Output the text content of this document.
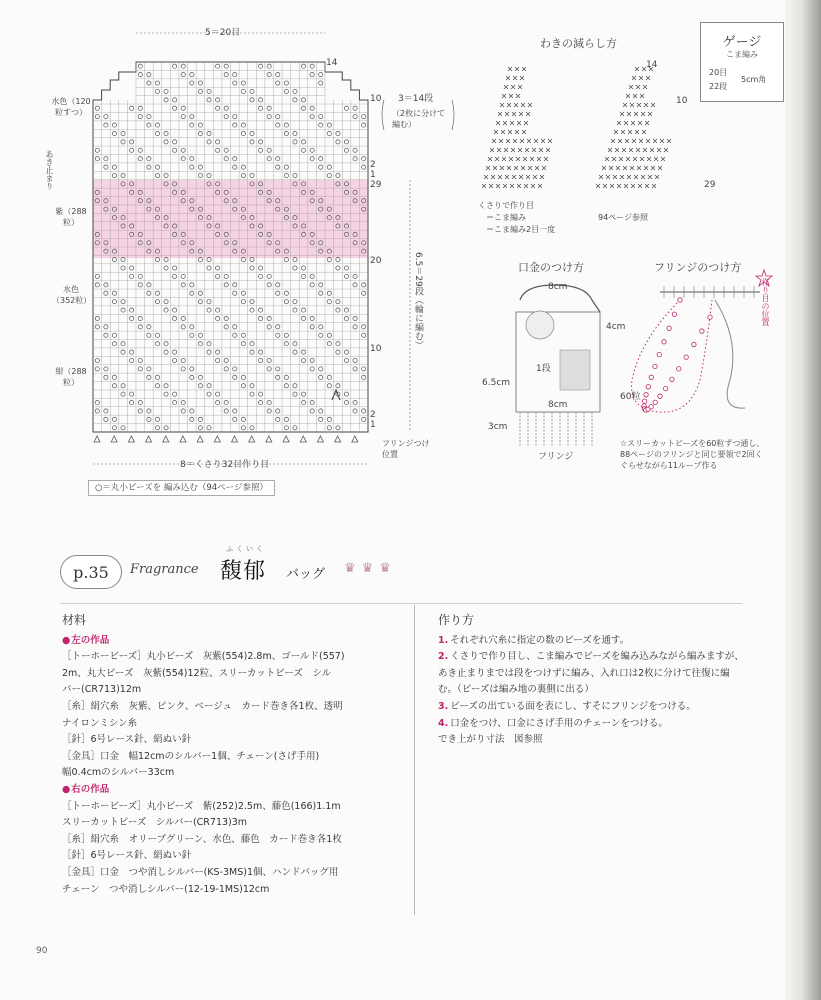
5＝20目
14
10 3＝14段
（2枚に分けて編む）
2
1
29
20
10
2
1
6.5＝29段（輪に編む）
8＝くさり32目作り目
フリンジつけ位置
水色（120粒すつ）
あき止まり
紫（288粒）
水色（352粒）
紺（288粒）
○＝丸小ビーズを 編み込む（94ページ参照）
わきの減らし方
14
10
29
くさりで作り目
＝こま編み
＝こま編み2目一度
94ページ参照
ゲージ
こま編み
20目
22段
5cm角
口金のつけ方
8cm
4cm
6.5cm
1段
8cm
3cm
フリンジ
フリンジのつけ方
作り目の位置
60粒
☆スリーカットビーズを60粒ずつ通し、88ページのフリンジと同じ要領で2回くぐらせながら11ループ作る
p.35	Fragrance
ふくいく
馥郁 バッグ ♛♛♛
材料
● 左の作品

［トーホービーズ］丸小ビーズ　灰紫(554)2.8m、ゴールド(557)

2m、丸大ビーズ　灰紫(554)12粒、スリーカットビーズ　シル

バー(CR713)12m

［糸］絹穴糸　灰紫、ピンク、ベージュ　カード巻き各1枚、透明

ナイロンミシン糸

［針］6号レース針、絹ぬい針

［金具］口金　幅12cmのシルバー1個、チェーン(さげ手用)

幅0.4cmのシルバー33cm

● 右の作品

［トーホービーズ］丸小ビーズ　紫(252)2.5m、藤色(166)1.1m

スリーカットビーズ　シルバー(CR713)3m

［糸］絹穴糸　オリーブグリーン、水色、藤色　カード巻き各1枚

［針］6号レース針、絹ぬい針

［金具］口金　つや消しシルバー(KS-3MS)1個、ハンドバッグ用

チェーン　つや消しシルバー(12-19-1MS)12cm

作り方
1. それぞれ穴糸に指定の数のビーズを通す。
2. くさりで作り目し、こま編みでビーズを編み込みながら編みますが、あき止まりまでは段をつけずに編み、入れ口は2枚に分けて往復に編む。（ビーズは編み地の裏側に出る）
3. ビーズの出ている面を表にし、すそにフリンジをつける。
4. 口金をつけ、口金にさげ手用のチェーンをつける。
でき上がり寸法　図参照
90
